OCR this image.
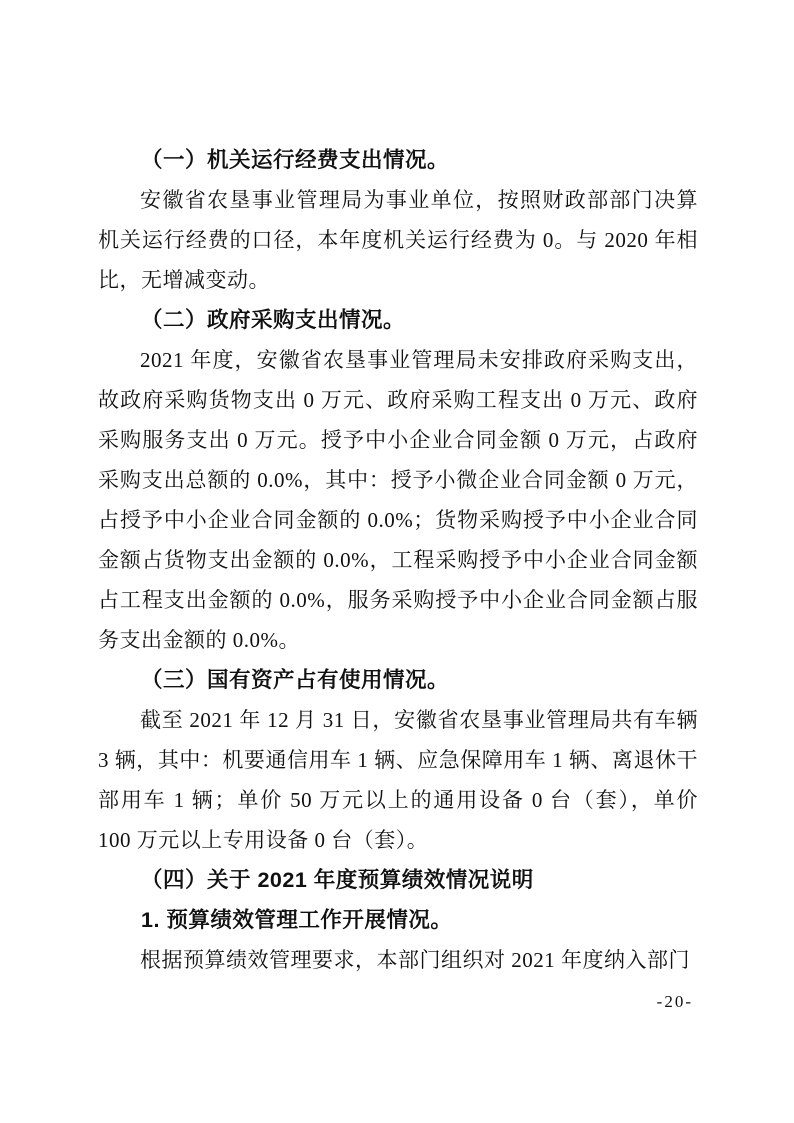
（一）机关运行经费支出情况。

安徽省农垦事业管理局为事业单位，按照财政部部门决算机关运行经费的口径，本年度机关运行经费为 0。与 2020 年相比，无增减变动。

（二）政府采购支出情况。

2021 年度，安徽省农垦事业管理局未安排政府采购支出，故政府采购货物支出 0 万元、政府采购工程支出 0 万元、政府采购服务支出 0 万元。授予中小企业合同金额 0 万元，占政府采购支出总额的 0.0%，其中：授予小微企业合同金额 0 万元，占授予中小企业合同金额的 0.0%；货物采购授予中小企业合同金额占货物支出金额的 0.0%，工程采购授予中小企业合同金额占工程支出金额的 0.0%，服务采购授予中小企业合同金额占服务支出金额的 0.0%。

（三）国有资产占有使用情况。

截至 2021 年 12 月 31 日，安徽省农垦事业管理局共有车辆 3 辆，其中：机要通信用车 1 辆、应急保障用车 1 辆、离退休干部用车 1 辆；单价 50 万元以上的通用设备 0 台（套），单价 100 万元以上专用设备 0 台（套）。

（四）关于 2021 年度预算绩效情况说明
1. 预算绩效管理工作开展情况。

根据预算绩效管理要求，本部门组织对 2021 年度纳入部门

-20-
